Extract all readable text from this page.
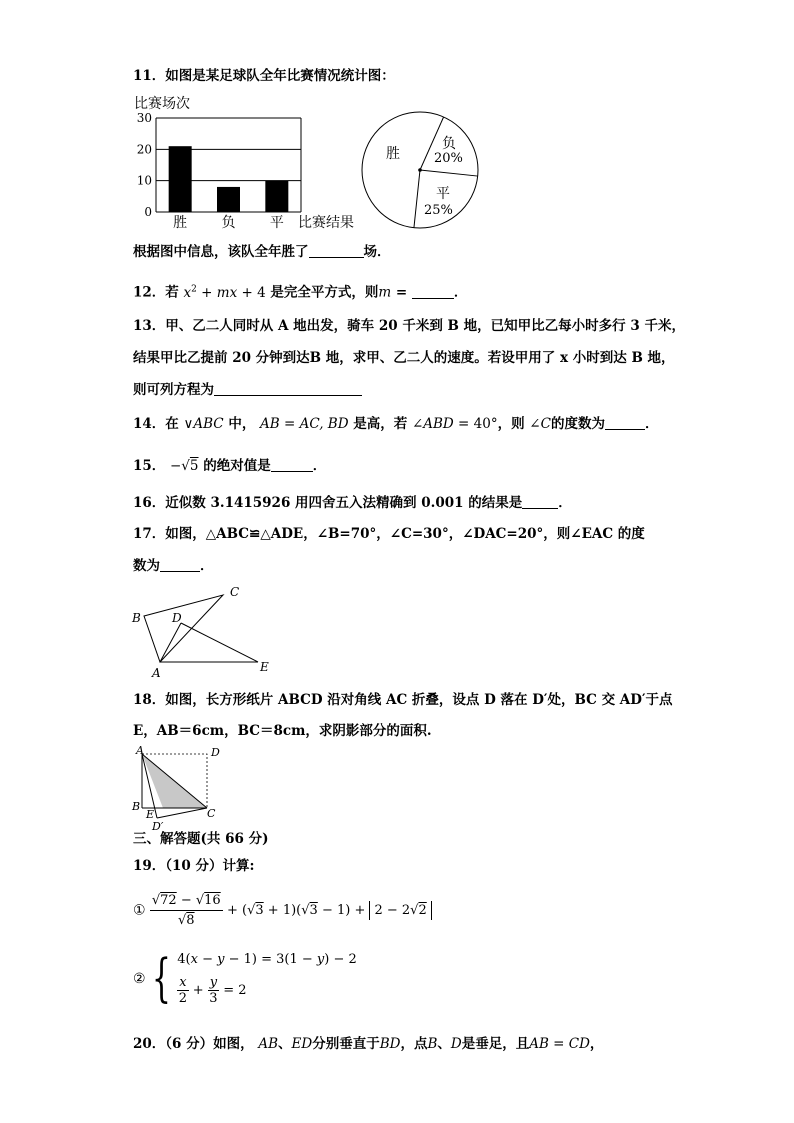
11．如图是某足球队全年比赛情况统计图：
比赛场次
0
10
20
30
胜 负 平 比赛结果
胜
负
20%
平
25%
根据图中信息，该队全年胜了	场．
12．若 $x^2$ + mx + 4 是完全平方式，则m =	．
13．甲、乙二人同时从 A 地出发，骑车 20 千米到 B 地，已知甲比乙每小时多行 3 千米，
结果甲比乙提前 20 分钟到达B 地，求甲、乙二人的速度。若设甲用了 x 小时到达 B 地，
则可列方程为
14．在 ∨ABC 中， AB = AC, BD 是高，若 ∠ABD = 40°，则 ∠C的度数为	．
15． −√5 的绝对值是	．
16．近似数 3.1415926 用四舍五入法精确到 0.001 的结果是	．
17．如图，△ABC≌△ADE，∠B=70°，∠C=30°，∠DAC=20°，则∠EAC 的度
数为	．
B	D
C
A	E
18．如图，长方形纸片 ABCD 沿对角线 AC 折叠，设点 D 落在 D′处，BC 交 AD′于点
E，AB＝6cm，BC＝8cm，求阴影部分的面积.
A	D
B
C
E
D′
三、解答题(共 66 分)
19．（10 分）计算:
① $\frac{√72 - √16}{√8} + (√3 + 1)(√3 - 1) + 2 - 2√2$
② { 4(x − y − 1) = 3(1 − y) − 2
$\frac{x}{2} + \frac{y}{3} = 2$
20．（6 分）如图， AB、ED分别垂直于BD，点B、D是垂足，且AB = CD，
